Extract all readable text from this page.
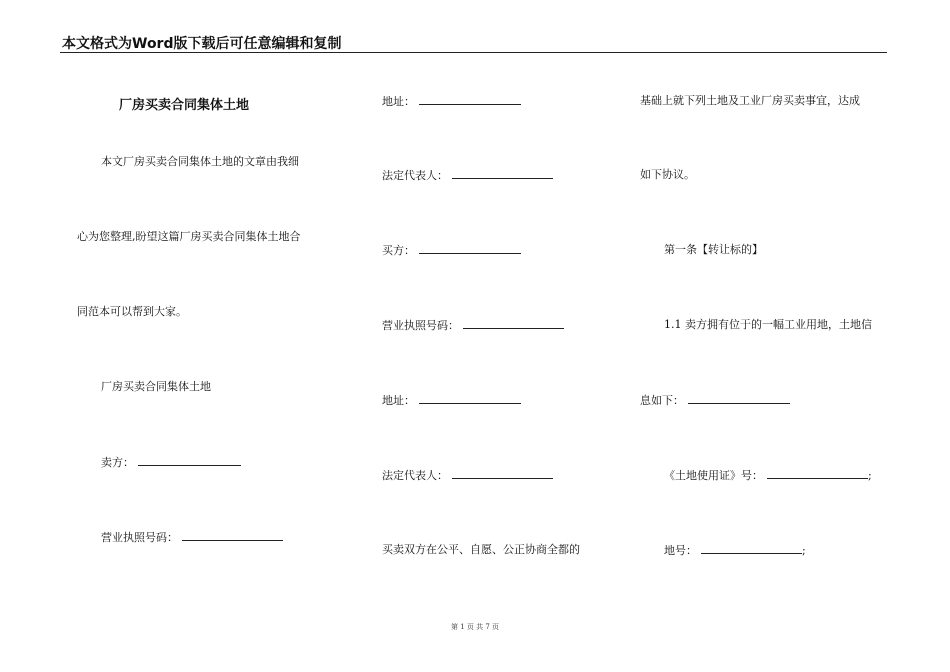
本文格式为Word版下载后可任意编辑和复制
厂房买卖合同集体土地
本文厂房买卖合同集体土地的文章由我细
心为您整理,盼望这篇厂房买卖合同集体土地合
同范本可以帮到大家。
厂房买卖合同集体土地
卖方：
营业执照号码：
地址：
法定代表人：
买方：
营业执照号码：
地址：
法定代表人：
买卖双方在公平、自愿、公正协商全都的
基础上就下列土地及工业厂房买卖事宜，达成
如下协议。
第一条【转让标的】
1.1 卖方拥有位于的一幅工业用地，土地信
息如下：
《土地使用证》号：	;
地号：	;
第 1 页 共 7 页
